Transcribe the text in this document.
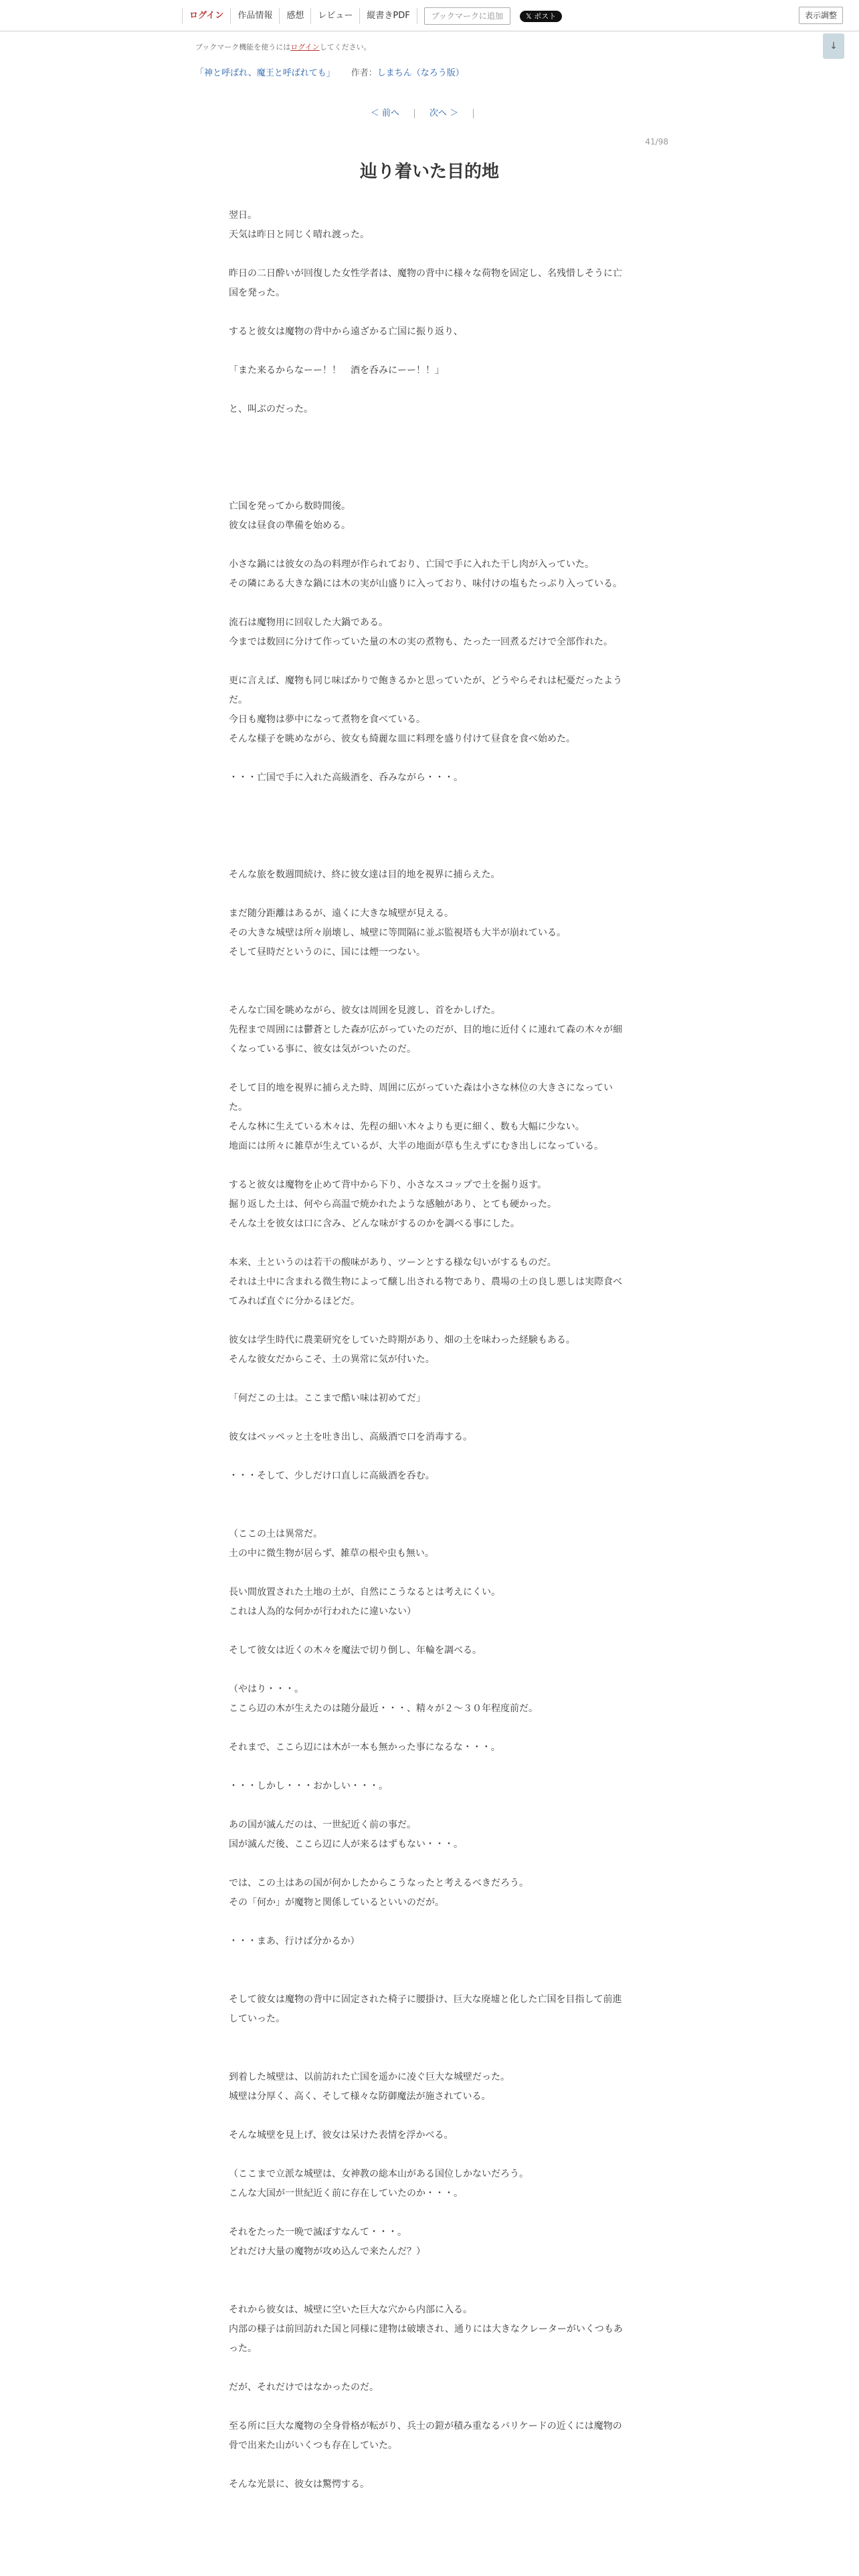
ログイン	作品情報	感想	レビュー	縦書きPDF	ブックマークに追加	𝕏 ポスト	表示調整
↓
ブックマーク機能を使うにはログインしてください。
「神と呼ばれ、魔王と呼ばれても」 作者：しまちん（なろう版）
＜ 前へ	次へ ＞
41/98
辿り着いた目的地
翌日。
天気は昨日と同じく晴れ渡った。
昨日の二日酔いが回復した女性学者は、魔物の背中に様々な荷物を固定し、名残惜しそうに亡国を発った。
すると彼女は魔物の背中から遠ざかる亡国に振り返り、
「また来るからなーー！！　酒を呑みにーー！！」
と、叫ぶのだった。
亡国を発ってから数時間後。
彼女は昼食の準備を始める。
小さな鍋には彼女の為の料理が作られており、亡国で手に入れた干し肉が入っていた。
その隣にある大きな鍋には木の実が山盛りに入っており、味付けの塩もたっぷり入っている。
流石は魔物用に回収した大鍋である。
今までは数回に分けて作っていた量の木の実の煮物も、たった一回煮るだけで全部作れた。
更に言えば、魔物も同じ味ばかりで飽きるかと思っていたが、どうやらそれは杞憂だったようだ。
今日も魔物は夢中になって煮物を食べている。
そんな様子を眺めながら、彼女も綺麗な皿に料理を盛り付けて昼食を食べ始めた。
・・・亡国で手に入れた高級酒を、呑みながら・・・。
そんな旅を数週間続け、終に彼女達は目的地を視界に捕らえた。
まだ随分距離はあるが、遠くに大きな城壁が見える。
その大きな城壁は所々崩壊し、城壁に等間隔に並ぶ監視塔も大半が崩れている。
そして昼時だというのに、国には煙一つない。
そんな亡国を眺めながら、彼女は周囲を見渡し、首をかしげた。
先程まで周囲には鬱蒼とした森が広がっていたのだが、目的地に近付くに連れて森の木々が細くなっている事に、彼女は気がついたのだ。
そして目的地を視界に捕らえた時、周囲に広がっていた森は小さな林位の大きさになっていた。
そんな林に生えている木々は、先程の細い木々よりも更に細く、数も大幅に少ない。
地面には所々に雑草が生えているが、大半の地面が草も生えずにむき出しになっている。
すると彼女は魔物を止めて背中から下り、小さなスコップで土を掘り返す。
掘り返した土は、何やら高温で焼かれたような感触があり、とても硬かった。
そんな土を彼女は口に含み、どんな味がするのかを調べる事にした。
本来、土というのは若干の酸味があり、ツーンとする様な匂いがするものだ。
それは土中に含まれる微生物によって醸し出される物であり、農場の土の良し悪しは実際食べてみれば直ぐに分かるほどだ。
彼女は学生時代に農業研究をしていた時期があり、畑の土を味わった経験もある。
そんな彼女だからこそ、土の異常に気が付いた。
「何だこの土は。ここまで酷い味は初めてだ」
彼女はペッペッと土を吐き出し、高級酒で口を消毒する。
・・・そして、少しだけ口直しに高級酒を呑む。
（ここの土は異常だ。
土の中に微生物が居らず、雑草の根や虫も無い。
長い間放置された土地の土が、自然にこうなるとは考えにくい。
これは人為的な何かが行われたに違いない）
そして彼女は近くの木々を魔法で切り倒し、年輪を調べる。
（やはり・・・。
ここら辺の木が生えたのは随分最近・・・、精々が２〜３０年程度前だ。
それまで、ここら辺には木が一本も無かった事になるな・・・。
・・・しかし・・・おかしい・・・。
あの国が滅んだのは、一世紀近く前の事だ。
国が滅んだ後、ここら辺に人が来るはずもない・・・。
では、この土はあの国が何かしたからこうなったと考えるべきだろう。
その「何か」が魔物と関係しているといいのだが。
・・・まあ、行けば分かるか）
そして彼女は魔物の背中に固定された椅子に腰掛け、巨大な廃墟と化した亡国を目指して前進していった。
到着した城壁は、以前訪れた亡国を遥かに凌ぐ巨大な城壁だった。
城壁は分厚く、高く、そして様々な防御魔法が施されている。
そんな城壁を見上げ、彼女は呆けた表情を浮かべる。
（ここまで立派な城壁は、女神教の総本山がある国位しかないだろう。
こんな大国が一世紀近く前に存在していたのか・・・。
それをたった一晩で滅ぼすなんて・・・。
どれだけ大量の魔物が攻め込んで来たんだ？）
それから彼女は、城壁に空いた巨大な穴から内部に入る。
内部の様子は前回訪れた国と同様に建物は破壊され、通りには大きなクレーターがいくつもあった。
だが、それだけではなかったのだ。
至る所に巨大な魔物の全身骨格が転がり、兵士の鎧が積み重なるバリケードの近くには魔物の骨で出来た山がいくつも存在していた。
そんな光景に、彼女は驚愕する。
